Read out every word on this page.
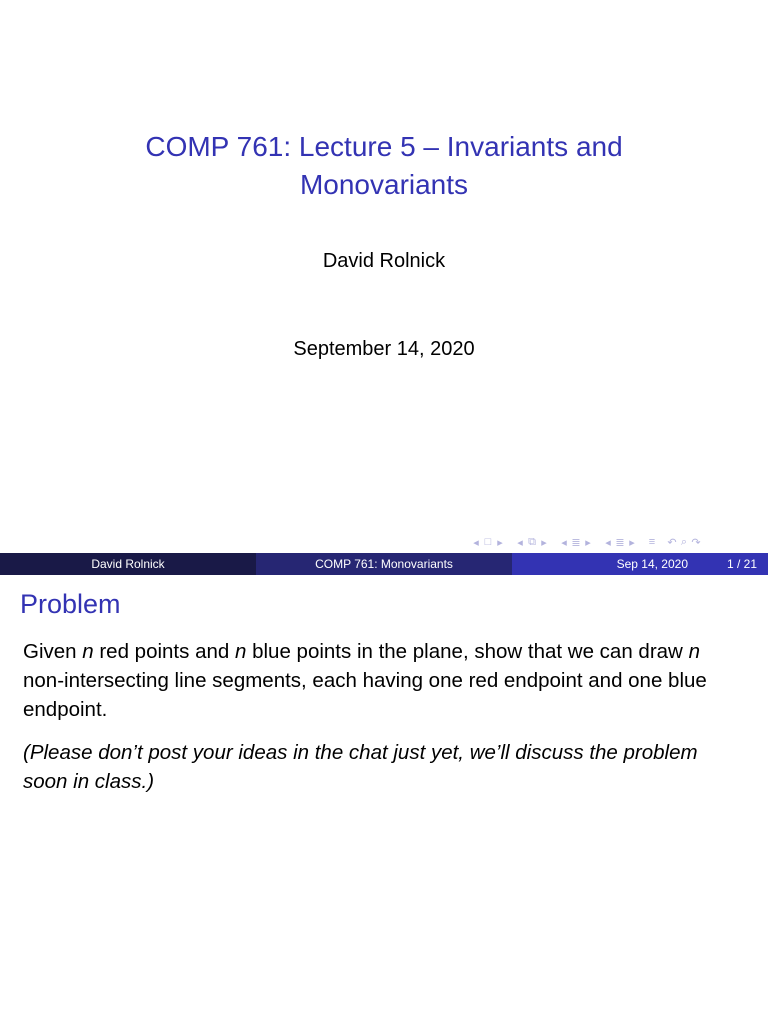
COMP 761: Lecture 5 – Invariants and
Monovariants
David Rolnick
September 14, 2020
◂ □ ▸ ◂ ⧉ ▸ ◂ ≣ ▸ ◂ ≣ ▸ ≡ ↶ ⌕ ↷
David Rolnick	COMP 761: Monovariants	Sep 14, 2020	1 / 21
Problem
Given n red points and n blue points in the plane, show that we can draw n non-intersecting line segments, each having one red endpoint and one blue endpoint.
(Please don’t post your ideas in the chat just yet, we’ll discuss the problem soon in class.)
